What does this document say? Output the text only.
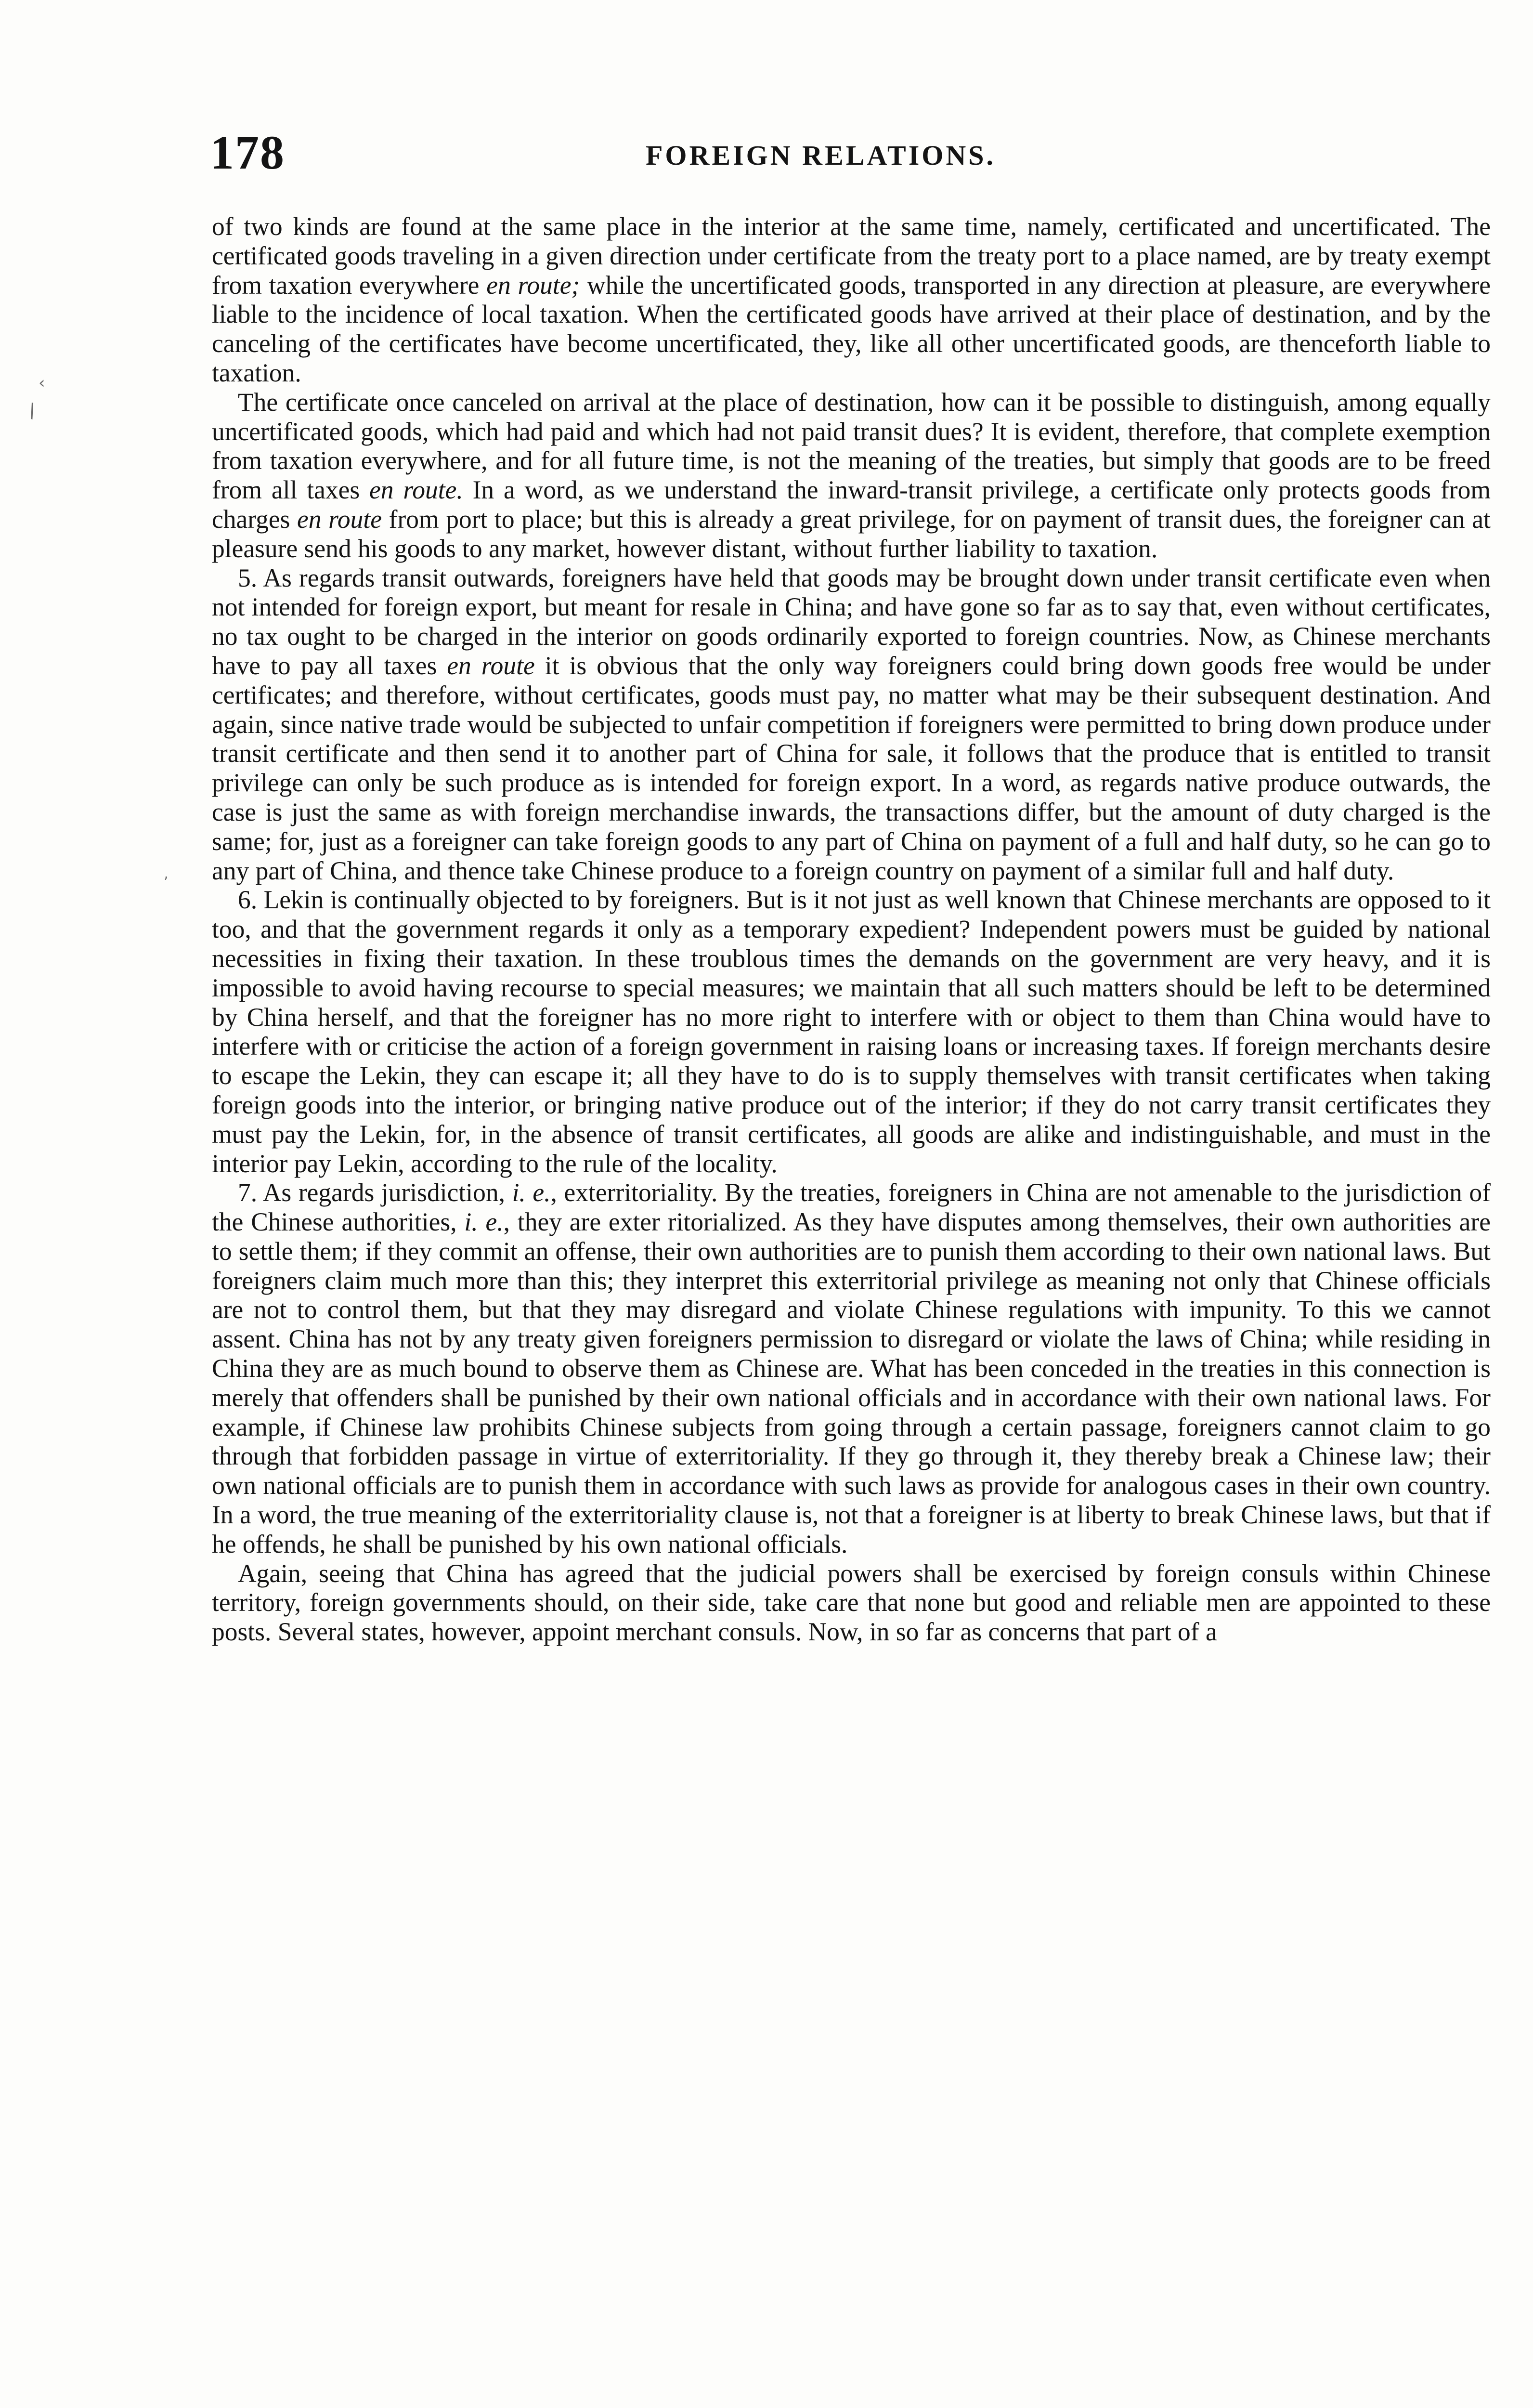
178	FOREIGN RELATIONS.

of two kinds are found at the same place in the interior at the same time, namely, certificated and uncertificated. The certificated goods traveling in a given direction under certificate from the treaty port to a place named, are by treaty exempt from taxation everywhere en route; while the uncertificated goods, transported in any direction at pleasure, are everywhere liable to the incidence of local taxation. When the certificated goods have arrived at their place of destination, and by the canceling of the certificates have become uncertificated, they, like all other uncertificated goods, are thenceforth liable to taxation.

The certificate once canceled on arrival at the place of destination, how can it be possible to distinguish, among equally uncertificated goods, which had paid and which had not paid transit dues? It is evident, therefore, that complete exemption from taxation everywhere, and for all future time, is not the meaning of the treaties, but simply that goods are to be freed from all taxes en route. In a word, as we understand the inward-transit privilege, a certificate only protects goods from charges en route from port to place; but this is already a great privilege, for on payment of transit dues, the foreigner can at pleasure send his goods to any market, however distant, without further liability to taxation.

5. As regards transit outwards, foreigners have held that goods may be brought down under transit certificate even when not intended for foreign export, but meant for resale in China; and have gone so far as to say that, even without certificates, no tax ought to be charged in the interior on goods ordinarily exported to foreign countries. Now, as Chinese merchants have to pay all taxes en route it is obvious that the only way foreigners could bring down goods free would be under certificates; and therefore, without certificates, goods must pay, no matter what may be their subsequent destination. And again, since native trade would be subjected to unfair competition if foreigners were permitted to bring down produce under transit certificate and then send it to another part of China for sale, it follows that the produce that is entitled to transit privilege can only be such produce as is intended for foreign export. In a word, as regards native produce outwards, the case is just the same as with foreign merchandise inwards, the transactions differ, but the amount of duty charged is the same; for, just as a foreigner can take foreign goods to any part of China on payment of a full and half duty, so he can go to any part of China, and thence take Chinese produce to a foreign country on payment of a similar full and half duty.

6. Lekin is continually objected to by foreigners. But is it not just as well known that Chinese merchants are opposed to it too, and that the government regards it only as a temporary expedient? Independent powers must be guided by national necessities in fixing their taxation. In these troublous times the demands on the government are very heavy, and it is impossible to avoid having recourse to special measures; we maintain that all such matters should be left to be determined by China herself, and that the foreigner has no more right to interfere with or object to them than China would have to interfere with or criticise the action of a foreign government in raising loans or increasing taxes. If foreign merchants desire to escape the Lekin, they can escape it; all they have to do is to supply themselves with transit certificates when taking foreign goods into the interior, or bringing native produce out of the interior; if they do not carry transit certificates they must pay the Lekin, for, in the absence of transit certificates, all goods are alike and indistinguishable, and must in the interior pay Lekin, according to the rule of the locality.

7. As regards jurisdiction, i. e., exterritoriality. By the treaties, foreigners in China are not amenable to the jurisdiction of the Chinese authorities, i. e., they are exter ritorialized. As they have disputes among themselves, their own authorities are to settle them; if they commit an offense, their own authorities are to punish them according to their own national laws. But foreigners claim much more than this; they interpret this exterritorial privilege as meaning not only that Chinese officials are not to control them, but that they may disregard and violate Chinese regulations with impunity. To this we cannot assent. China has not by any treaty given foreigners permission to disregard or violate the laws of China; while residing in China they are as much bound to observe them as Chinese are. What has been conceded in the treaties in this connection is merely that offenders shall be punished by their own national officials and in accordance with their own national laws. For example, if Chinese law prohibits Chinese subjects from going through a certain passage, foreigners cannot claim to go through that forbidden passage in virtue of exterritoriality. If they go through it, they thereby break a Chinese law; their own national officials are to punish them in accordance with such laws as provide for analogous cases in their own country. In a word, the true meaning of the exterritoriality clause is, not that a foreigner is at liberty to break Chinese laws, but that if he offends, he shall be punished by his own national officials.

Again, seeing that China has agreed that the judicial powers shall be exercised by foreign consuls within Chinese territory, foreign governments should, on their side, take care that none but good and reliable men are appointed to these posts. Several states, however, appoint merchant consuls. Now, in so far as concerns that part of a

‹
\
’
